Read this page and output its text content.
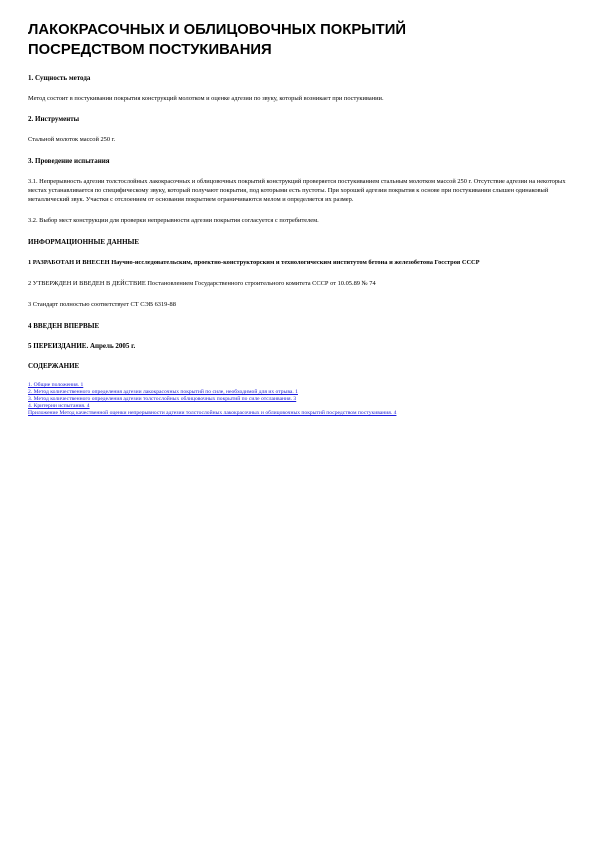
ЛАКОКРАСОЧНЫХ И ОБЛИЦОВОЧНЫХ ПОКРЫТИЙ
ПОСРЕДСТВОМ ПОСТУКИВАНИЯ
1. Сущность метода
Метод состоит в постукивании покрытия конструкций молотком и оценке адгезии по звуку, который возникает при постукивании.
2. Инструменты
Стальной молоток массой 250 г.
3. Проведение испытания
3.1. Непрерывность адгезии толстослойных лакокрасочных и облицовочных покрытий конструкций проверяется постукиванием стальным молотком массой 250 г. Отсутствие адгезии на некоторых местах устанавливается по специфическому звуку, который получают покрытия, под которыми есть пустоты. При хорошей адгезии покрытия к основе при постукивании слышен одинаковый металлический звук. Участки с отслоением от основания покрытием ограничиваются мелом и определяется их размер.
3.2. Выбор мест конструкции для проверки непрерывности адгезии покрытия согласуется с потребителем.
ИНФОРМАЦИОННЫЕ ДАННЫЕ
1 РАЗРАБОТАН И ВНЕСЕН Научно-исследовательским, проектно-конструкторским и технологическим институтом бетона и железобетона Госстроя СССР
2 УТВЕРЖДЕН И ВВЕДЕН В ДЕЙСТВИЕ Постановлением Государственного строительного комитета СССР от 10.05.89 № 74
3 Стандарт полностью соответствует СТ СЭВ 6319-88
4 ВВЕДЕН ВПЕРВЫЕ
5 ПЕРЕИЗДАНИЕ. Апрель 2005 г.
СОДЕРЖАНИЕ
1. Общие положения. 1
2. Метод количественного определения адгезии лакокрасочных покрытий по силе, необходимой для их отрыва. 1
3. Метод количественного определения адгезии толстослойных облицовочных покрытий по силе отслаивания. 3
4. Критерии испытания. 4
Приложение Метод качественной оценки непрерывности адгезии толстослойных лакокрасочных и облицовочных покрытий посредством постукивания. 4
